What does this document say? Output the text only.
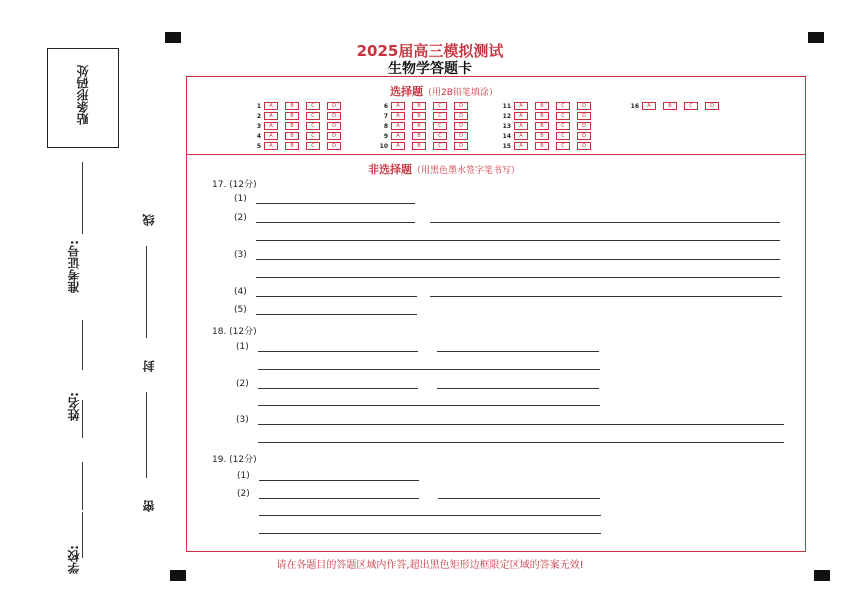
贴条形码处
准考证号:
姓名:
学校:
线
封
密
2025届高三模拟测试
生物学答题卡
选择题（用2B铅笔填涂）
1	A	B	C	D
2	A	B	C	D
3	A	B	C	D
4	A	B	C	D
5	A	B	C	D
6	A	B	C	D
7	A	B	C	D
8	A	B	C	D
9	A	B	C	D
10	A	B	C	D
11	A	B	C	D
12	A	B	C	D
13	A	B	C	D
14	A	B	C	D
15	A	B	C	D
16	A	B	C	D
非选择题（用黑色墨水签字笔书写）
17. (12分)
(1)
(2)
(3)
(4)
(5)
18. (12分)
(1)
(2)
(3)
19. (12分)
(1)
(2)
请在各题目的答题区域内作答,超出黑色矩形边框限定区域的答案无效!
